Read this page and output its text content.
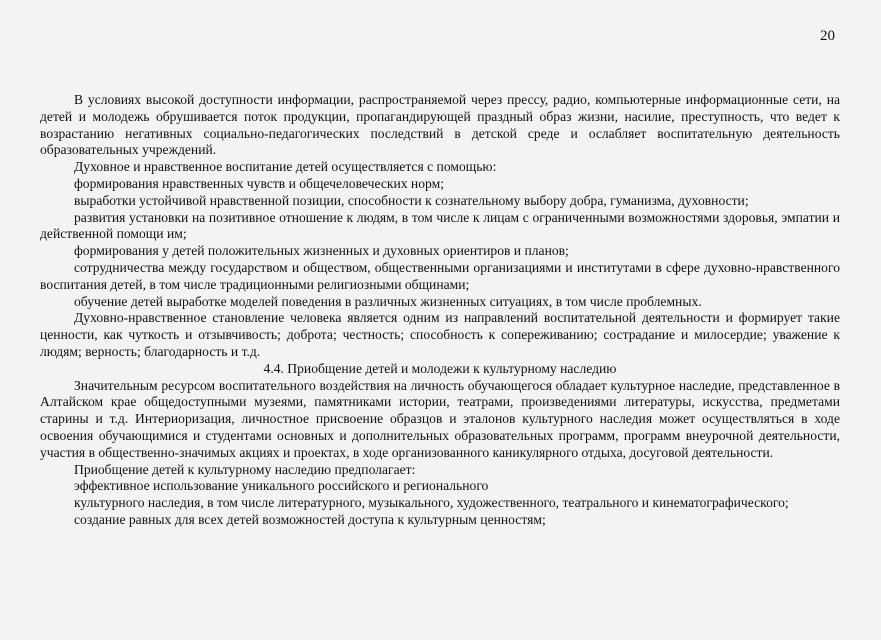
20

В условиях высокой доступности информации, распространяемой через прессу, радио, компьютерные информационные сети, на детей и молодежь обрушивается поток продукции, пропагандирующей праздный образ жизни, насилие, преступность, что ведет к возрастанию негативных социально-педагогических последствий в детской среде и ослабляет воспитательную деятельность образовательных учреждений.

Духовное и нравственное воспитание детей осуществляется с помощью:

формирования нравственных чувств и общечеловеческих норм;

выработки устойчивой нравственной позиции, способности к сознательному выбору добра, гуманизма, духовности;

развития установки на позитивное отношение к людям, в том числе к лицам с ограниченными возможностями здоровья, эмпатии и действенной помощи им;

формирования у детей положительных жизненных и духовных ориентиров и планов;

сотрудничества между государством и обществом, общественными организациями и институтами в сфере духовно-нравственного воспитания детей, в том числе традиционными религиозными общинами;

обучение детей выработке моделей поведения в различных жизненных ситуациях, в том числе проблемных.

Духовно-нравственное становление человека является одним из направлений воспитательной деятельности и формирует такие ценности, как чуткость и отзывчивость; доброта; честность; способность к сопереживанию; сострадание и милосердие; уважение к людям; верность; благодарность и т.д.

4.4. Приобщение детей и молодежи к культурному наследию

Значительным ресурсом воспитательного воздействия на личность обучающегося обладает культурное наследие, представленное в Алтайском крае общедоступными музеями, памятниками истории, театрами, произведениями литературы, искусства, предметами старины и т.д. Интериоризация, личностное присвоение образцов и эталонов культурного наследия может осуществляться в ходе освоения обучающимися и студентами основных и дополнительных образовательных программ, программ внеурочной деятельности, участия в общественно-значимых акциях и проектах, в ходе организованного каникулярного отдыха, досуговой деятельности.

Приобщение детей к культурному наследию предполагает:

эффективное использование уникального российского и регионального

культурного наследия, в том числе литературного, музыкального, художественного, театрального и кинематографического;

создание равных для всех детей возможностей доступа к культурным ценностям;
